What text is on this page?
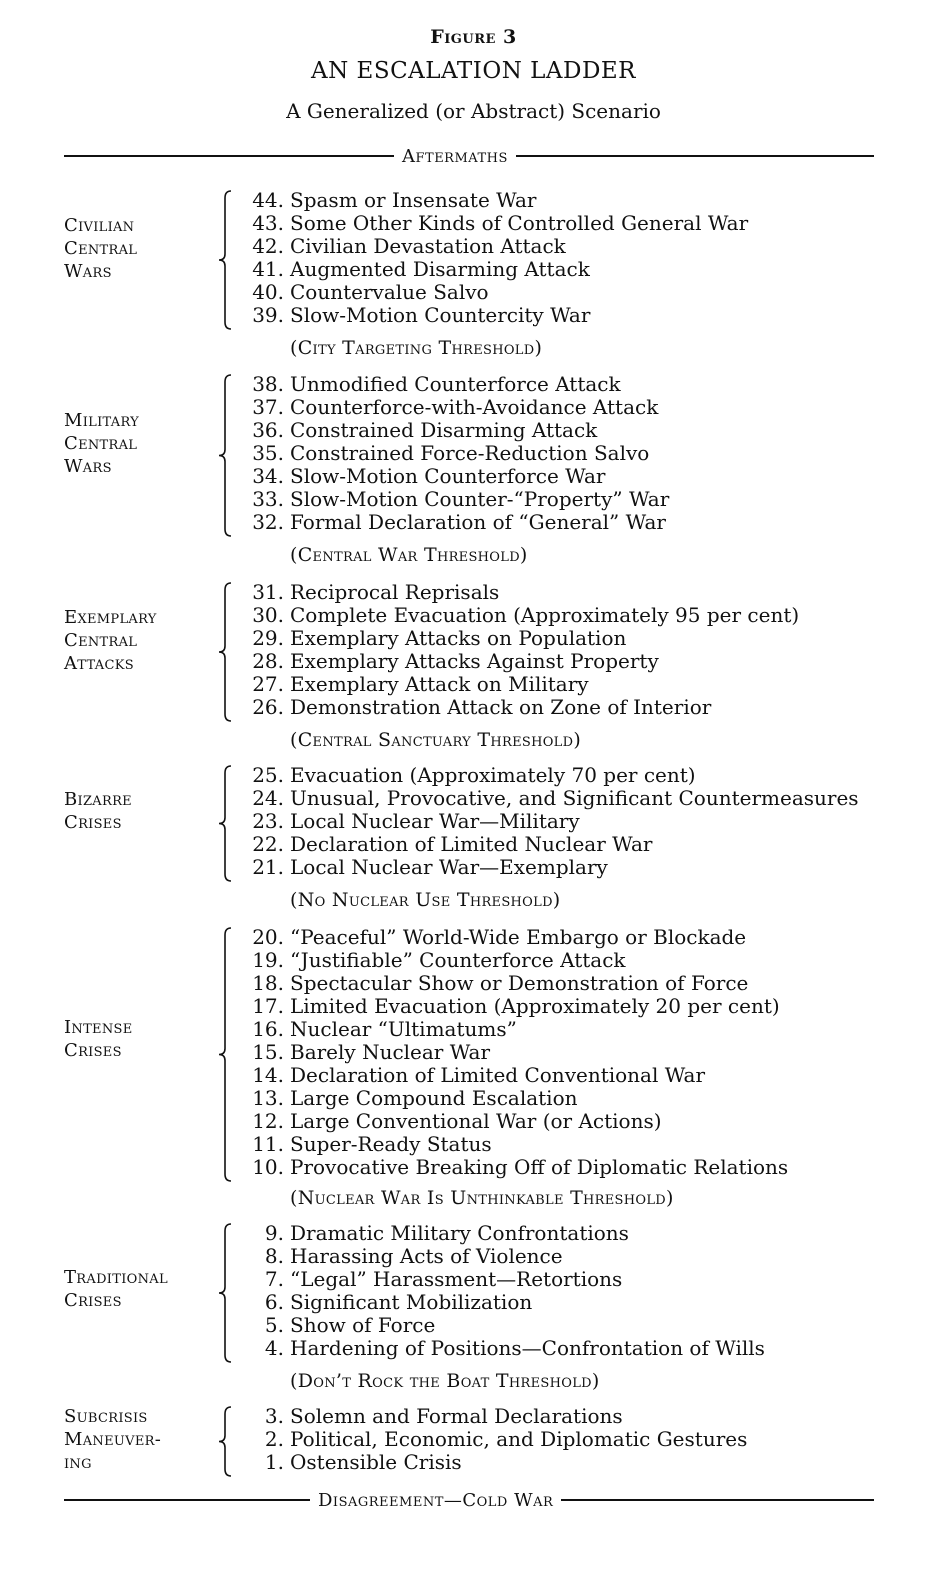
Figure 3
AN ESCALATION LADDER
A Generalized (or Abstract) Scenario
Aftermaths
Civilian
Central
Wars
44. Spasm or Insensate War
43. Some Other Kinds of Controlled General War
42. Civilian Devastation Attack
41. Augmented Disarming Attack
40. Countervalue Salvo
39. Slow-Motion Countercity War
(City Targeting Threshold)
Military
Central
Wars
38. Unmodified Counterforce Attack
37. Counterforce-with-Avoidance Attack
36. Constrained Disarming Attack
35. Constrained Force-Reduction Salvo
34. Slow-Motion Counterforce War
33. Slow-Motion Counter-“Property” War
32. Formal Declaration of “General” War
(Central War Threshold)
Exemplary
Central
Attacks
31. Reciprocal Reprisals
30. Complete Evacuation (Approximately 95 per cent)
29. Exemplary Attacks on Population
28. Exemplary Attacks Against Property
27. Exemplary Attack on Military
26. Demonstration Attack on Zone of Interior
(Central Sanctuary Threshold)
Bizarre
Crises
25. Evacuation (Approximately 70 per cent)
24. Unusual, Provocative, and Significant Countermeasures
23. Local Nuclear War—Military
22. Declaration of Limited Nuclear War
21. Local Nuclear War—Exemplary
(No Nuclear Use Threshold)
Intense
Crises
20. “Peaceful” World-Wide Embargo or Blockade
19. “Justifiable” Counterforce Attack
18. Spectacular Show or Demonstration of Force
17. Limited Evacuation (Approximately 20 per cent)
16. Nuclear “Ultimatums”
15. Barely Nuclear War
14. Declaration of Limited Conventional War
13. Large Compound Escalation
12. Large Conventional War (or Actions)
11. Super-Ready Status
10. Provocative Breaking Off of Diplomatic Relations
(Nuclear War Is Unthinkable Threshold)
Traditional
Crises
9. Dramatic Military Confrontations
8. Harassing Acts of Violence
7. “Legal” Harassment—Retortions
6. Significant Mobilization
5. Show of Force
4. Hardening of Positions—Confrontation of Wills
(Don’t Rock the Boat Threshold)
Subcrisis
Maneuver-
ing
3. Solemn and Formal Declarations
2. Political, Economic, and Diplomatic Gestures
1. Ostensible Crisis
Disagreement—Cold War
